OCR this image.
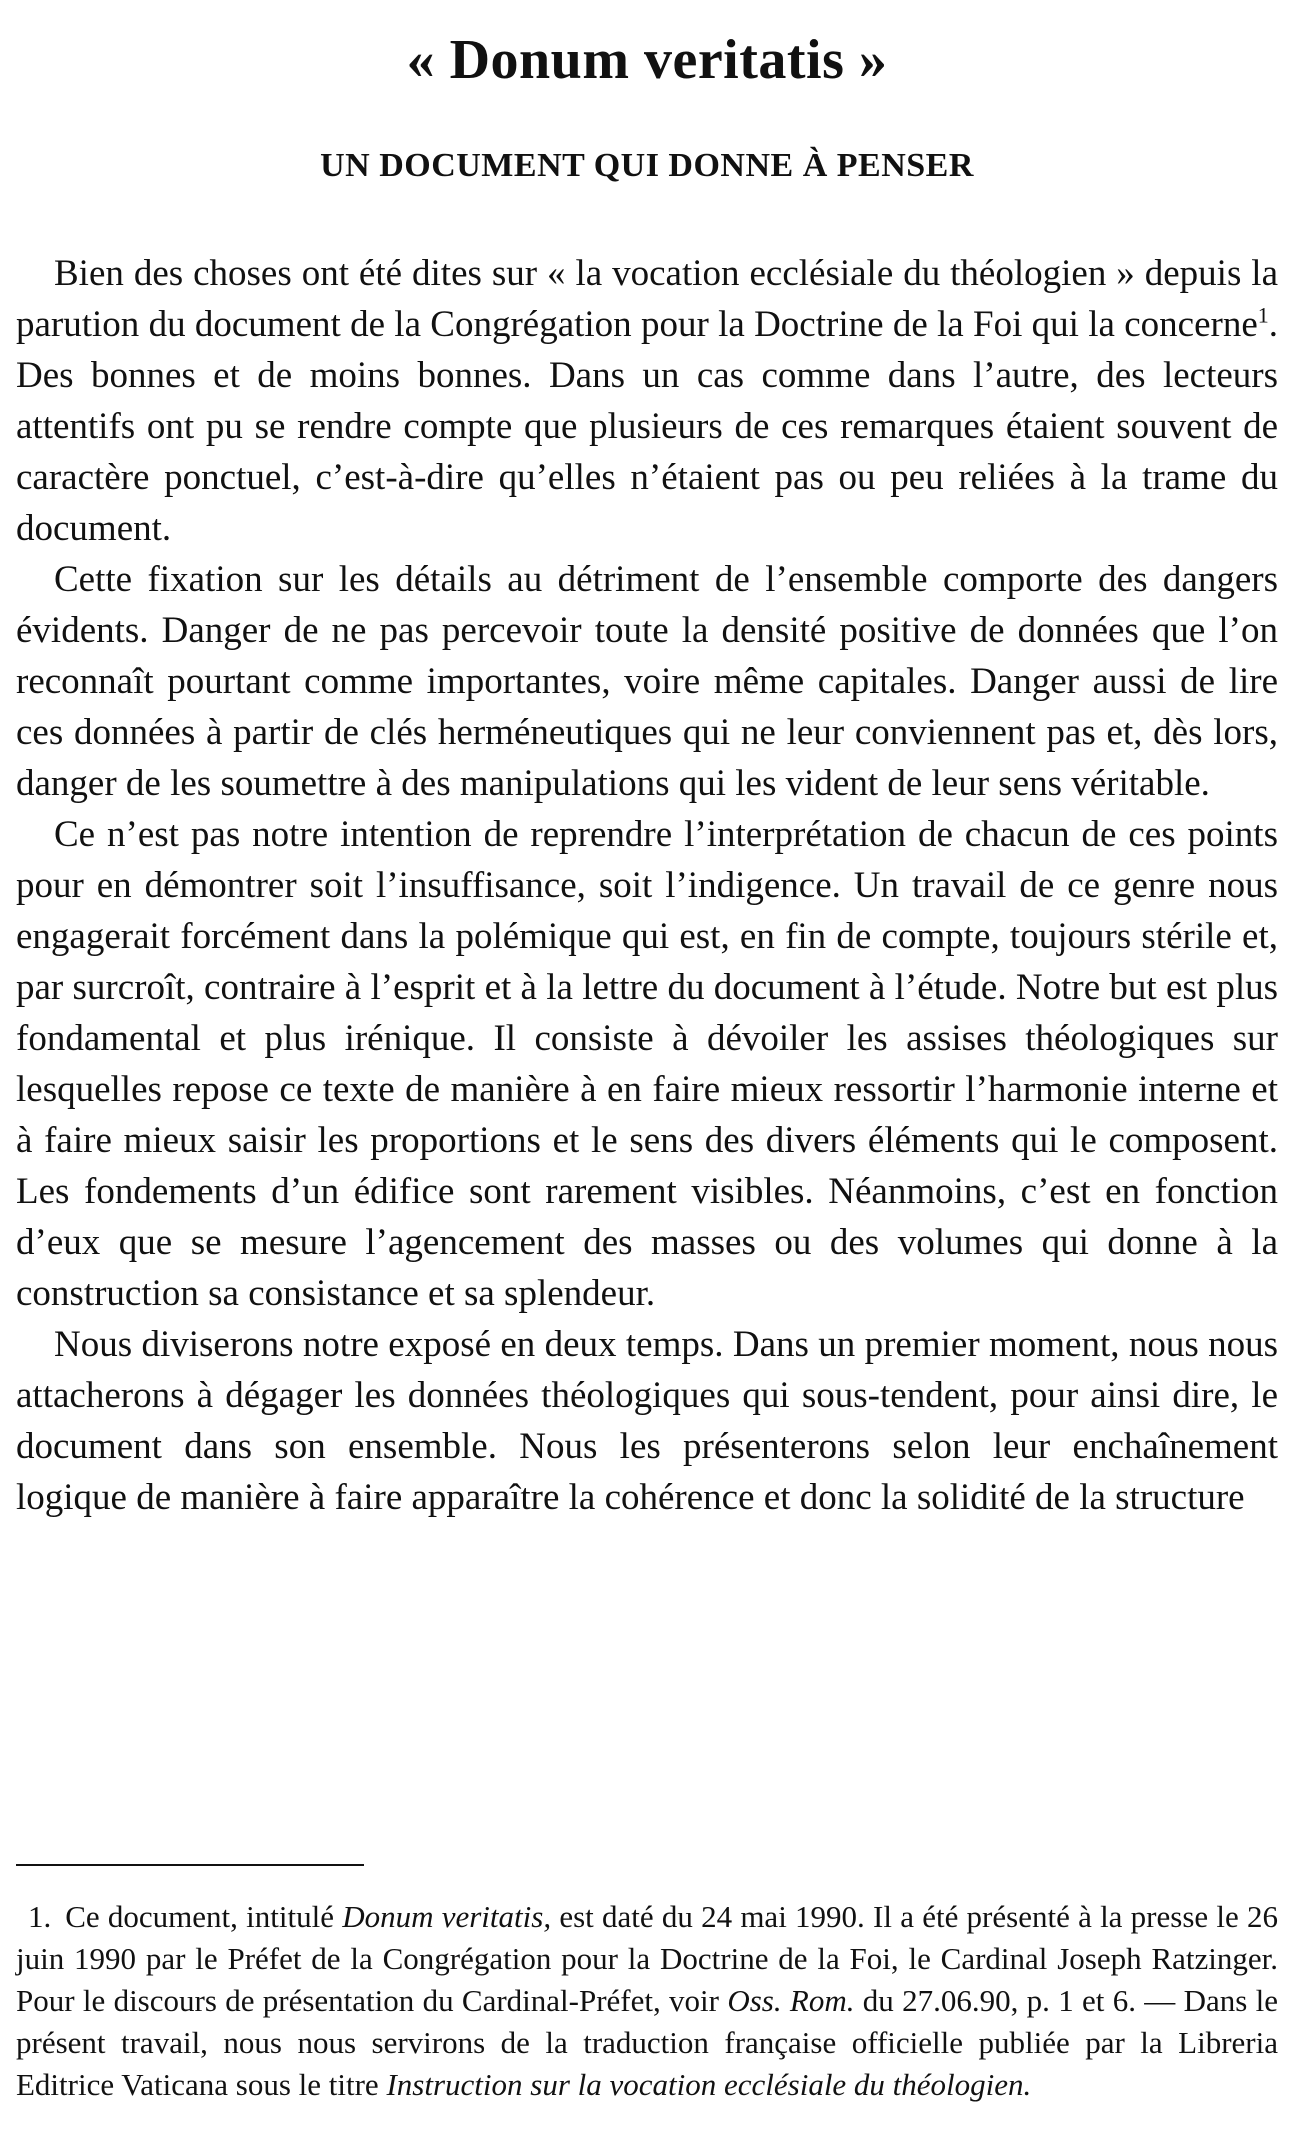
« Donum veritatis »
UN DOCUMENT QUI DONNE À PENSER

Bien des choses ont été dites sur « la vocation ecclésiale du théologien » depuis la parution du document de la Congrégation pour la Doctrine de la Foi qui la concerne$^1$. Des bonnes et de moins bonnes. Dans un cas comme dans l’autre, des lecteurs attentifs ont pu se rendre compte que plusieurs de ces remarques étaient souvent de caractère ponctuel, c’est-à-dire qu’elles n’étaient pas ou peu reliées à la trame du document.

Cette fixation sur les détails au détriment de l’ensemble comporte des dangers évidents. Danger de ne pas percevoir toute la densité positive de données que l’on reconnaît pourtant comme importantes, voire même capitales. Danger aussi de lire ces données à partir de clés herméneutiques qui ne leur conviennent pas et, dès lors, danger de les soumettre à des manipulations qui les vident de leur sens véritable.

Ce n’est pas notre intention de reprendre l’interprétation de chacun de ces points pour en démontrer soit l’insuffisance, soit l’indigence. Un travail de ce genre nous engagerait forcément dans la polémique qui est, en fin de compte, toujours stérile et, par surcroît, contraire à l’esprit et à la lettre du document à l’étude. Notre but est plus fondamental et plus irénique. Il consiste à dévoiler les assises théologiques sur lesquelles repose ce texte de manière à en faire mieux ressortir l’harmonie interne et à faire mieux saisir les proportions et le sens des divers éléments qui le composent. Les fondements d’un édifice sont rarement visibles. Néanmoins, c’est en fonction d’eux que se mesure l’agencement des masses ou des volumes qui donne à la construction sa consistance et sa splendeur.

Nous diviserons notre exposé en deux temps. Dans un premier moment, nous nous attacherons à dégager les données théologiques qui sous-tendent, pour ainsi dire, le document dans son ensemble. Nous les présenterons selon leur enchaînement logique de manière à faire apparaître la cohérence et donc la solidité de la structure

1. Ce document, intitulé Donum veritatis, est daté du 24 mai 1990. Il a été présenté à la presse le 26 juin 1990 par le Préfet de la Congrégation pour la Doctrine de la Foi, le Cardinal Joseph Ratzinger. Pour le discours de présentation du Cardinal-Préfet, voir Oss. Rom. du 27.06.90, p. 1 et 6. — Dans le présent travail, nous nous servirons de la traduction française officielle publiée par la Libreria Editrice Vaticana sous le titre Instruction sur la vocation ecclésiale du théologien.
